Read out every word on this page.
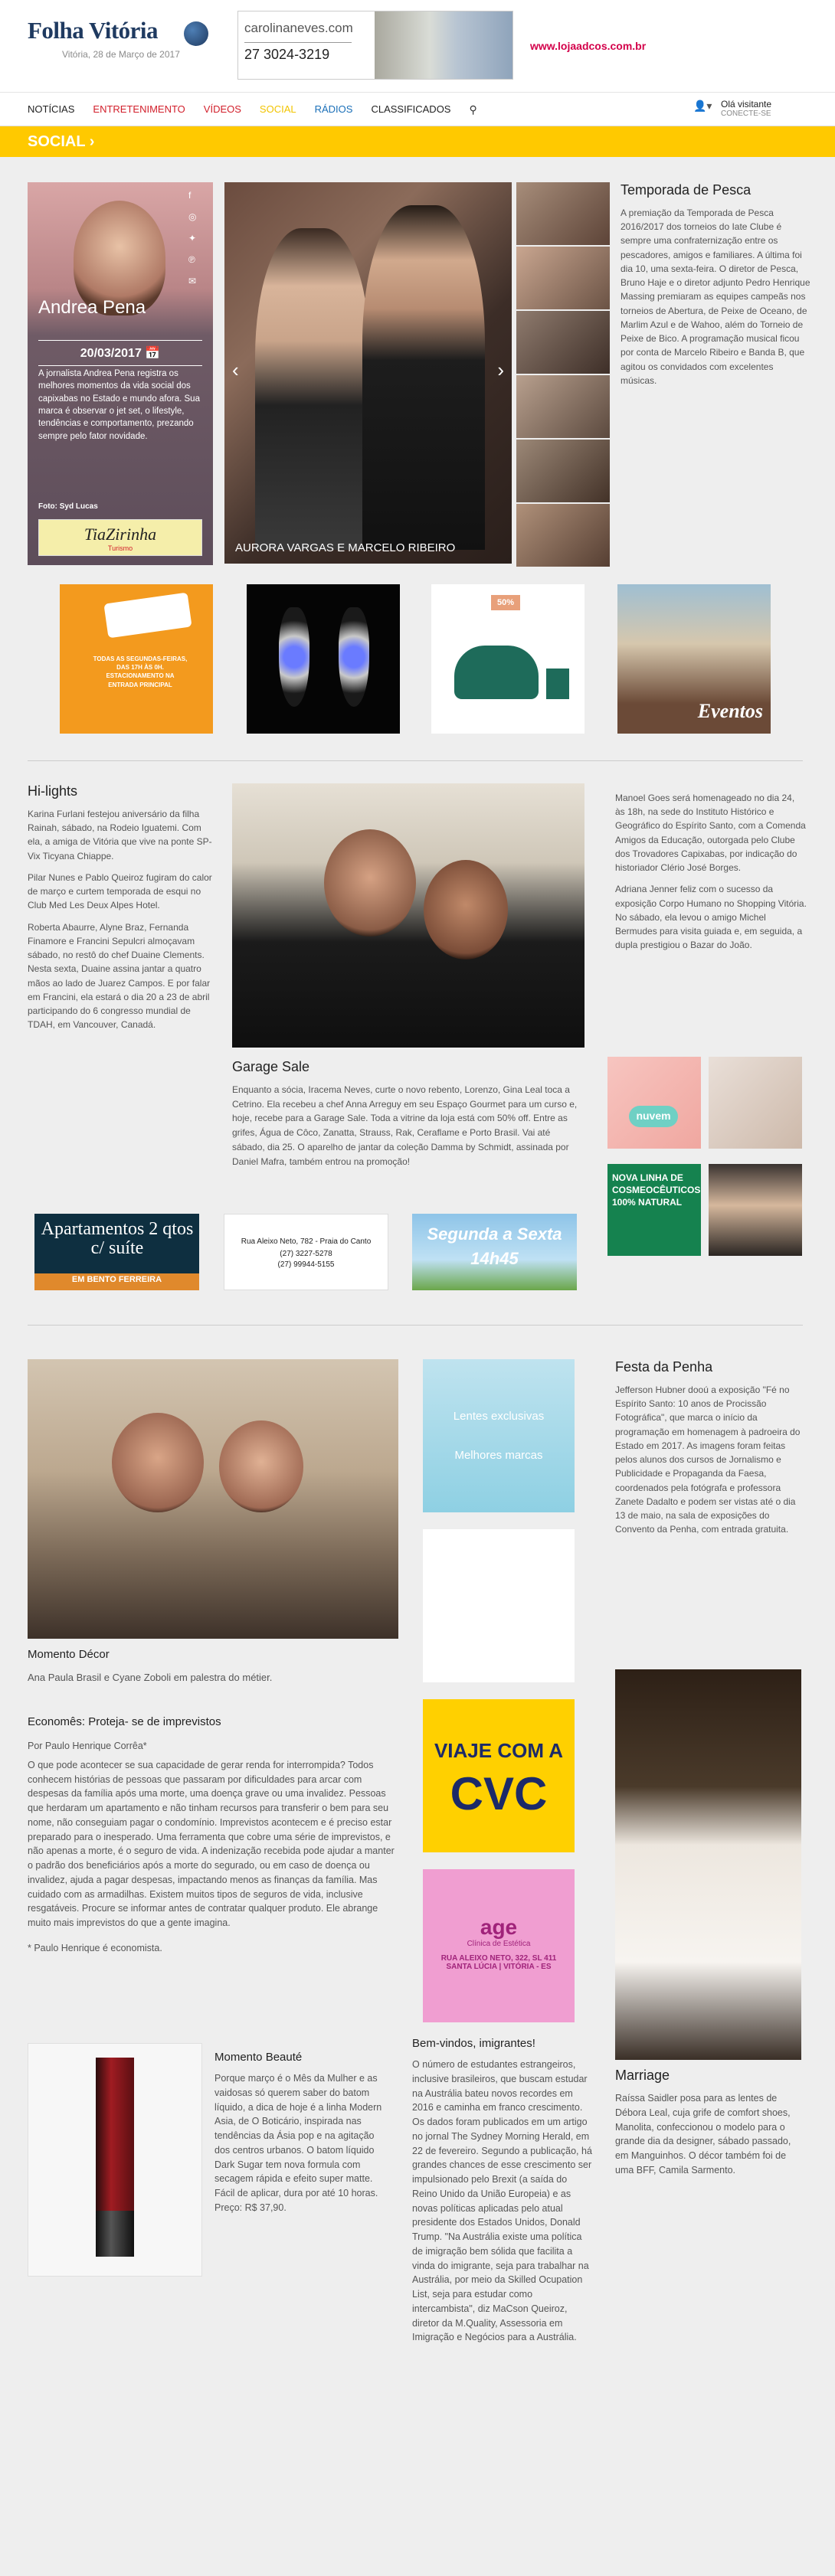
Folha Vitória
Vitória, 28 de Março de 2017
carolinaneves.com
27 3024-3219
www.lojaadcos.com.br
NOTÍCIAS ENTRETENIMENTO VÍDEOS SOCIAL RÁDIOS CLASSIFICADOS ⚲	👤▾ Olá visitante
CONECTE-SE
SOCIAL ›
f
◎
✦
℗
✉
Andrea Pena
20/03/2017 📅
A jornalista Andrea Pena registra os melhores momentos da vida social dos capixabas no Estado e mundo afora. Sua marca é observar o jet set, o lifestyle, tendências e comportamento, prezando sempre pelo fator novidade.
Foto: Syd Lucas
TiaZirinha
Turismo
‹	›
AURORA VARGAS E MARCELO RIBEIRO
Temporada de Pesca

A premiação da Temporada de Pesca 2016/2017 dos torneios do Iate Clube é sempre uma confraternização entre os pescadores, amigos e familiares. A última foi dia 10, uma sexta-feira. O diretor de Pesca, Bruno Haje e o diretor adjunto Pedro Henrique Massing premiaram as equipes campeãs nos torneios de Abertura, de Peixe de Oceano, de Marlim Azul e de Wahoo, além do Torneio de Peixe de Bico. A programação musical ficou por conta de Marcelo Ribeiro e Banda B, que agitou os convidados com excelentes músicas.

TODAS AS SEGUNDAS-FEIRAS, DAS 17H ÀS 0H. ESTACIONAMENTO NA ENTRADA PRINCIPAL
50%
Eventos
Hi-lights

Karina Furlani festejou aniversário da filha Rainah, sábado, na Rodeio Iguatemi. Com ela, a amiga de Vitória que vive na ponte SP-Vix Ticyana Chiappe.

Pilar Nunes e Pablo Queiroz fugiram do calor de março e curtem temporada de esqui no Club Med Les Deux Alpes Hotel.

Roberta Abaurre, Alyne Braz, Fernanda Finamore e Francini Sepulcri almoçavam sábado, no restô do chef Duaine Clements. Nesta sexta, Duaine assina jantar a quatro mãos ao lado de Juarez Campos. E por falar em Francini, ela estará o dia 20 a 23 de abril participando do 6 congresso mundial de TDAH, em Vancouver, Canadá.

Garage Sale

Enquanto a sócia, Iracema Neves, curte o novo rebento, Lorenzo, Gina Leal toca a Cetrino. Ela recebeu a chef Anna Arreguy em seu Espaço Gourmet para um curso e, hoje, recebe para a Garage Sale. Toda a vitrine da loja está com 50% off. Entre as grifes, Água de Côco, Zanatta, Strauss, Rak, Ceraflame e Porto Brasil. Vai até sábado, dia 25. O aparelho de jantar da coleção Damma by Schmidt, assinada por Daniel Mafra, também entrou na promoção!

Manoel Goes será homenageado no dia 24, às 18h, na sede do Instituto Histórico e Geográfico do Espírito Santo, com a Comenda Amigos da Educação, outorgada pelo Clube dos Trovadores Capixabas, por indicação do historiador Clério José Borges.

Adriana Jenner feliz com o sucesso da exposição Corpo Humano no Shopping Vitória. No sábado, ela levou o amigo Michel Bermudes para visita guiada e, em seguida, a dupla prestigiou o Bazar do João.

nuvem
NOVA LINHA DE COSMEOCÊUTICOS 100% NATURAL
Apartamentos 2 qtos c/ suíte
EM BENTO FERREIRA
Rua Aleixo Neto, 782 - Praia do Canto
(27) 3227-5278
(27) 99944-5155
Segunda a Sexta
14h45
Momento Décor

Ana Paula Brasil e Cyane Zoboli em palestra do métier.

Economês: Proteja- se de imprevistos

Por Paulo Henrique Corrêa*

O que pode acontecer se sua capacidade de gerar renda for interrompida? Todos conhecem histórias de pessoas que passaram por dificuldades para arcar com despesas da família após uma morte, uma doença grave ou uma invalidez. Pessoas que herdaram um apartamento e não tinham recursos para transferir o bem para seu nome, não conseguiam pagar o condomínio. Imprevistos acontecem e é preciso estar preparado para o inesperado. Uma ferramenta que cobre uma série de imprevistos, e não apenas a morte, é o seguro de vida. A indenização recebida pode ajudar a manter o padrão dos beneficiários após a morte do segurado, ou em caso de doença ou invalidez, ajuda a pagar despesas, impactando menos as finanças da família. Mas cuidado com as armadilhas. Existem muitos tipos de seguros de vida, inclusive resgatáveis. Procure se informar antes de contratar qualquer produto. Ele abrange muito mais imprevistos do que a gente imagina.

* Paulo Henrique é economista.

Lentes exclusivas

Melhores marcas

VIAJE COM A

CVC

age

Clínica de Estética

RUA ALEIXO NETO, 322, SL 411 SANTA LÚCIA | VITÓRIA - ES

Festa da Penha

Jefferson Hubner dooú a exposição "Fé no Espírito Santo: 10 anos de Procissão Fotográfica", que marca o início da programação em homenagem à padroeira do Estado em 2017. As imagens foram feitas pelos alunos dos cursos de Jornalismo e Publicidade e Propaganda da Faesa, coordenados pela fotógrafa e professora Zanete Dadalto e podem ser vistas até o dia 13 de maio, na sala de exposições do Convento da Penha, com entrada gratuita.

Marriage

Raíssa Saidler posa para as lentes de Débora Leal, cuja grife de comfort shoes, Manolita, confeccionou o modelo para o grande dia da designer, sábado passado, em Manguinhos. O décor também foi de uma BFF, Camila Sarmento.

Momento Beauté

Porque março é o Mês da Mulher e as vaidosas só querem saber do batom líquido, a dica de hoje é a linha Modern Asia, de O Boticário, inspirada nas tendências da Ásia pop e na agitação dos centros urbanos. O batom líquido Dark Sugar tem nova formula com secagem rápida e efeito super matte. Fácil de aplicar, dura por até 10 horas. Preço: R$ 37,90.

Bem-vindos, imigrantes!

O número de estudantes estrangeiros, inclusive brasileiros, que buscam estudar na Austrália bateu novos recordes em 2016 e caminha em franco crescimento. Os dados foram publicados em um artigo no jornal The Sydney Morning Herald, em 22 de fevereiro. Segundo a publicação, há grandes chances de esse crescimento ser impulsionado pelo Brexit (a saída do Reino Unido da União Europeia) e as novas políticas aplicadas pelo atual presidente dos Estados Unidos, Donald Trump. "Na Austrália existe uma política de imigração bem sólida que facilita a vinda do imigrante, seja para trabalhar na Austrália, por meio da Skilled Ocupation List, seja para estudar como intercambista", diz MaCson Queiroz, diretor da M.Quality, Assessoria em Imigração e Negócios para a Austrália.
